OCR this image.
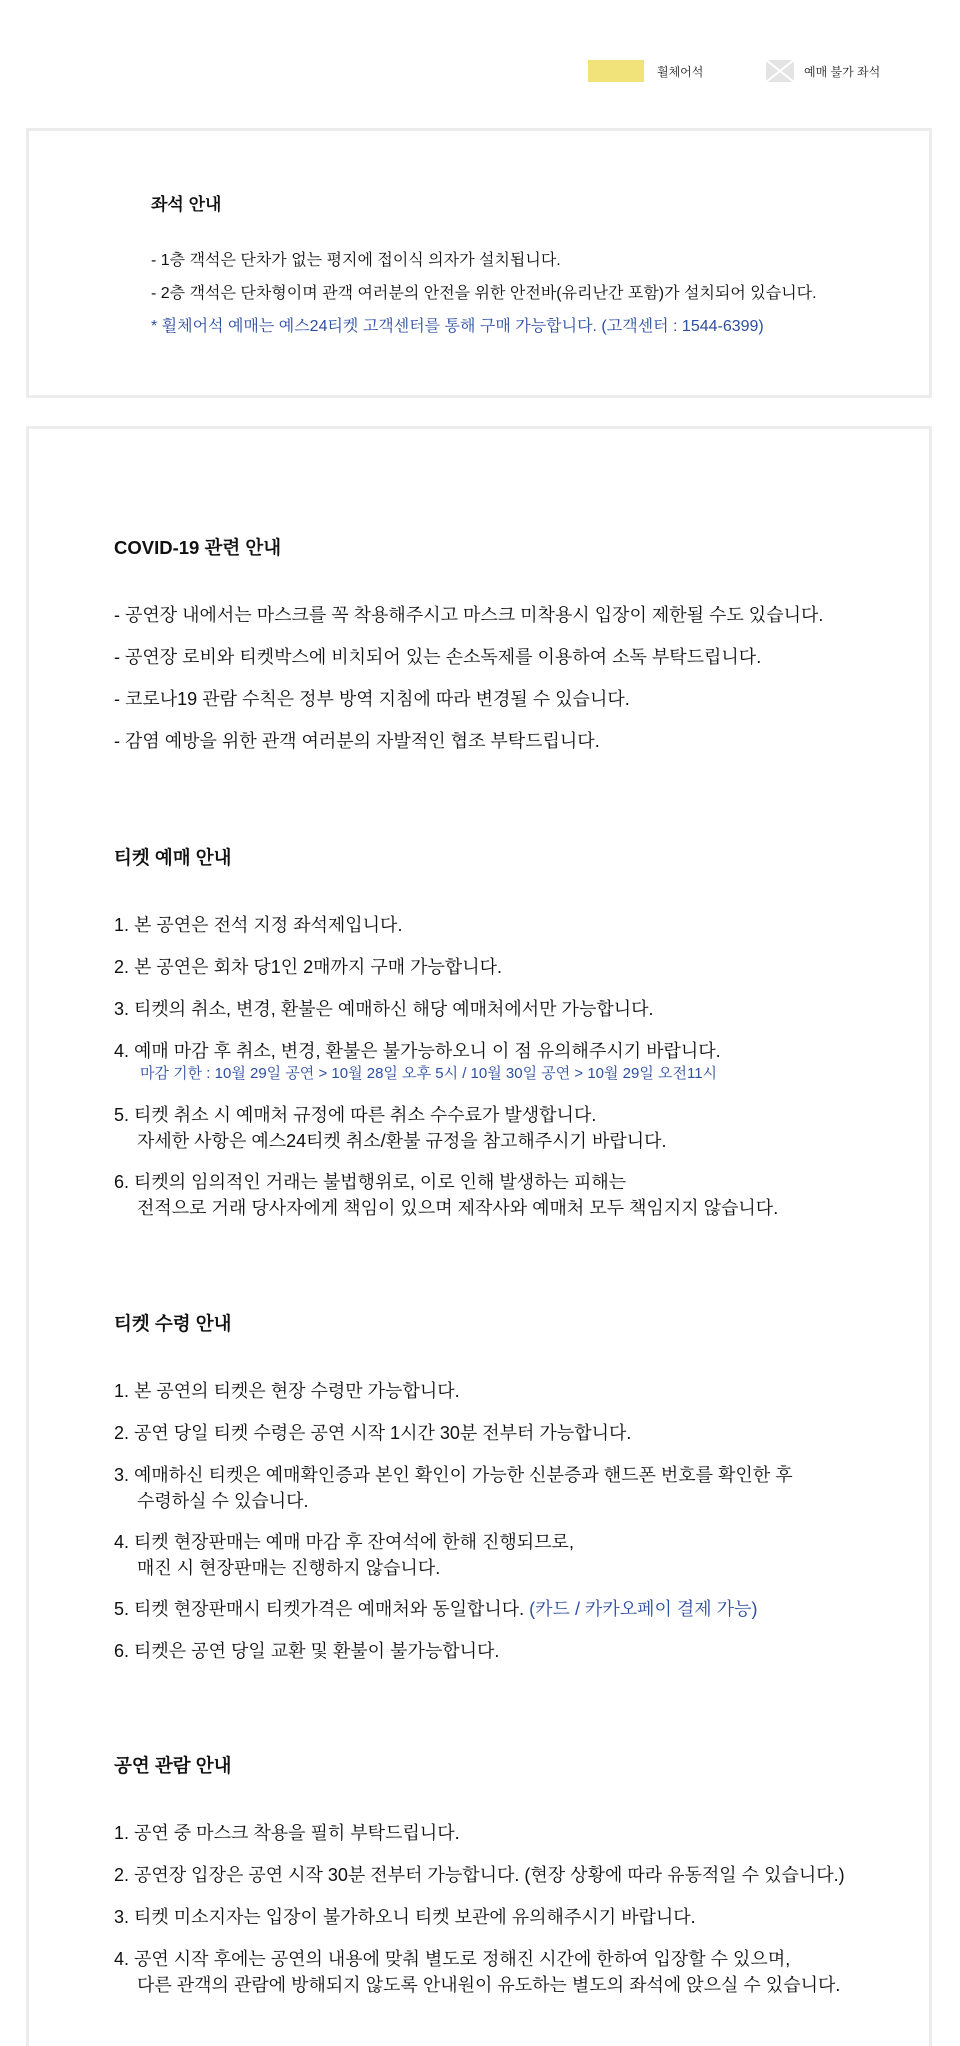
휠체어석	예매 불가 좌석
좌석 안내
- 1층 객석은 단차가 없는 평지에 접이식 의자가 설치됩니다.
- 2층 객석은 단차형이며 관객 여러분의 안전을 위한 안전바(유리난간 포함)가 설치되어 있습니다.
* 휠체어석 예매는 예스24티켓 고객센터를 통해 구매 가능합니다. (고객센터 : 1544-6399)
COVID-19 관련 안내
- 공연장 내에서는 마스크를 꼭 착용해주시고 마스크 미착용시 입장이 제한될 수도 있습니다.
- 공연장 로비와 티켓박스에 비치되어 있는 손소독제를 이용하여 소독 부탁드립니다.
- 코로나19 관람 수칙은 정부 방역 지침에 따라 변경될 수 있습니다.
- 감염 예방을 위한 관객 여러분의 자발적인 협조 부탁드립니다.
티켓 예매 안내
1. 본 공연은 전석 지정 좌석제입니다.
2. 본 공연은 회차 당1인 2매까지 구매 가능합니다.
3. 티켓의 취소, 변경, 환불은 예매하신 해당 예매처에서만 가능합니다.
4. 예매 마감 후 취소, 변경, 환불은 불가능하오니 이 점 유의해주시기 바랍니다.
마감 기한 : 10월 29일 공연 > 10월 28일 오후 5시 / 10월 30일 공연 > 10월 29일 오전11시
5. 티켓 취소 시 예매처 규정에 따른 취소 수수료가 발생합니다.
자세한 사항은 예스24티켓 취소/환불 규정을 참고해주시기 바랍니다.
6. 티켓의 임의적인 거래는 불법행위로, 이로 인해 발생하는 피해는
전적으로 거래 당사자에게 책임이 있으며 제작사와 예매처 모두 책임지지 않습니다.
티켓 수령 안내
1. 본 공연의 티켓은 현장 수령만 가능합니다.
2. 공연 당일 티켓 수령은 공연 시작 1시간 30분 전부터 가능합니다.
3. 예매하신 티켓은 예매확인증과 본인 확인이 가능한 신분증과 핸드폰 번호를 확인한 후
수령하실 수 있습니다.
4. 티켓 현장판매는 예매 마감 후 잔여석에 한해 진행되므로,
매진 시 현장판매는 진행하지 않습니다.
5. 티켓 현장판매시 티켓가격은 예매처와 동일합니다. (카드 / 카카오페이 결제 가능)
6. 티켓은 공연 당일 교환 및 환불이 불가능합니다.
공연 관람 안내
1. 공연 중 마스크 착용을 필히 부탁드립니다.
2. 공연장 입장은 공연 시작 30분 전부터 가능합니다. (현장 상황에 따라 유동적일 수 있습니다.)
3. 티켓 미소지자는 입장이 불가하오니 티켓 보관에 유의해주시기 바랍니다.
4. 공연 시작 후에는 공연의 내용에 맞춰 별도로 정해진 시간에 한하여 입장할 수 있으며,
다른 관객의 관람에 방해되지 않도록 안내원이 유도하는 별도의 좌석에 앉으실 수 있습니다.
